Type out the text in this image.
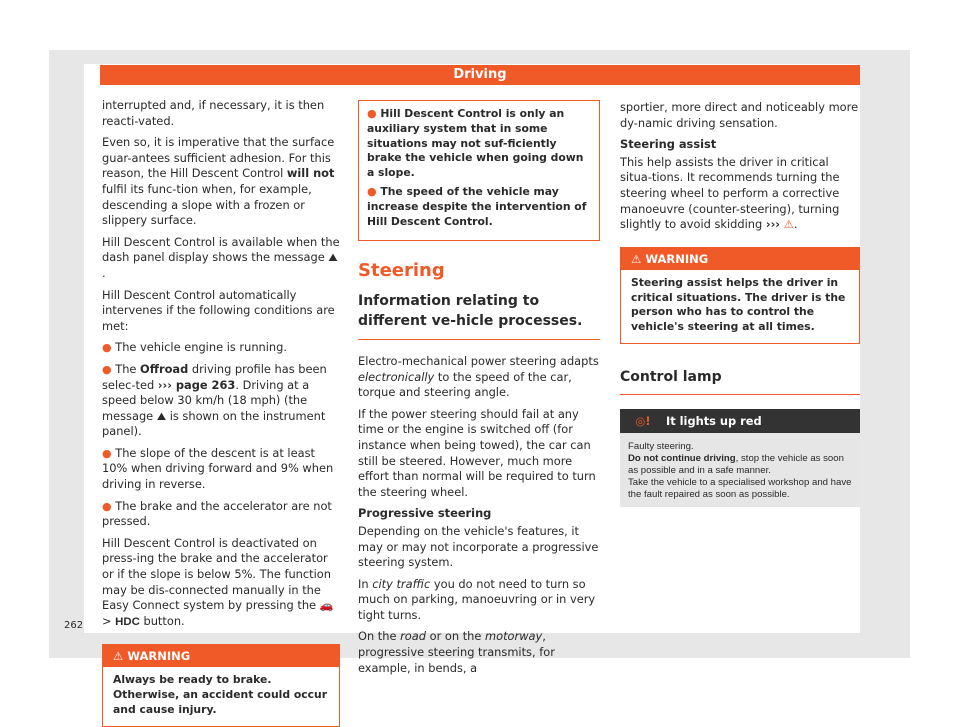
Driving

interrupted and, if necessary, it is then reacti-vated.

Even so, it is imperative that the surface guar-antees sufficient adhesion. For this reason, the Hill Descent Control will not fulfil its func-tion when, for example, descending a slope with a frozen or slippery surface.

Hill Descent Control is available when the dash panel display shows the message ⛰.

Hill Descent Control automatically intervenes if the following conditions are met:

● The vehicle engine is running.

● The Offroad driving profile has been selec-ted ››› page 263. Driving at a speed below 30 km/h (18 mph) (the message ⛰ is shown on the instrument panel).

● The slope of the descent is at least 10% when driving forward and 9% when driving in reverse.

● The brake and the accelerator are not pressed.

Hill Descent Control is deactivated on press-ing the brake and the accelerator or if the slope is below 5%. The function may be dis-connected manually in the Easy Connect system by pressing the 🚗 > HDC button.

⚠ WARNING
Always be ready to brake. Otherwise, an accident could occur and cause injury.

● Hill Descent Control is only an auxiliary system that in some situations may not suf-ficiently brake the vehicle when going down a slope.

● The speed of the vehicle may increase despite the intervention of Hill Descent Control.

Steering
Information relating to different ve-hicle processes.

Electro-mechanical power steering adapts electronically to the speed of the car, torque and steering angle.

If the power steering should fail at any time or the engine is switched off (for instance when being towed), the car can still be steered. However, much more effort than normal will be required to turn the steering wheel.

Progressive steering

Depending on the vehicle's features, it may or may not incorporate a progressive steering system.

In city traffic you do not need to turn so much on parking, manoeuvring or in very tight turns.

On the road or on the motorway, progressive steering transmits, for example, in bends, a

sportier, more direct and noticeably more dy-namic driving sensation.

Steering assist

This help assists the driver in critical situa-tions. It recommends turning the steering wheel to perform a corrective manoeuvre (counter-steering), turning slightly to avoid skidding ››› ⚠.

⚠ WARNING
Steering assist helps the driver in critical situations. The driver is the person who has to control the vehicle's steering at all times.
Control lamp
◎!	It lights up red
Faulty steering.
Do not continue driving, stop the vehicle as soon as possible and in a safe manner.
Take the vehicle to a specialised workshop and have the fault repaired as soon as possible.
262
